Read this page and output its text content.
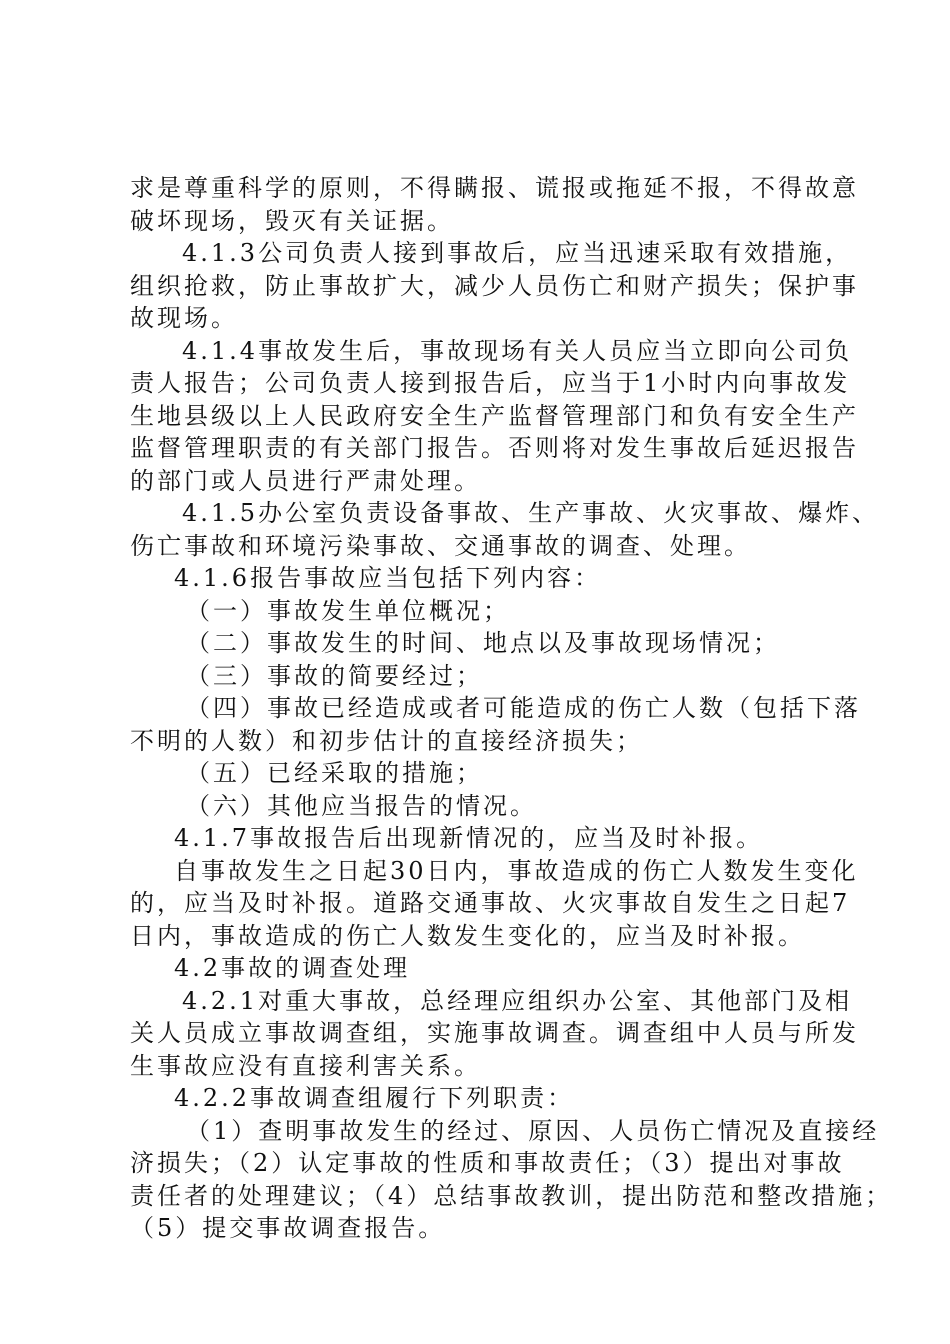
求是尊重科学的原则，不得瞒报、谎报或拖延不报，不得故意
破坏现场，毁灭有关证据。
4.1.3公司负责人接到事故后，应当迅速采取有效措施，
组织抢救，防止事故扩大，减少人员伤亡和财产损失；保护事
故现场。
4.1.4事故发生后，事故现场有关人员应当立即向公司负
责人报告；公司负责人接到报告后，应当于1小时内向事故发
生地县级以上人民政府安全生产监督管理部门和负有安全生产
监督管理职责的有关部门报告。否则将对发生事故后延迟报告
的部门或人员进行严肃处理。
4.1.5办公室负责设备事故、生产事故、火灾事故、爆炸、
伤亡事故和环境污染事故、交通事故的调查、处理。
4.1.6报告事故应当包括下列内容：
（一）事故发生单位概况；
（二）事故发生的时间、地点以及事故现场情况；
（三）事故的简要经过；
（四）事故已经造成或者可能造成的伤亡人数（包括下落
不明的人数）和初步估计的直接经济损失；
（五）已经采取的措施；
（六）其他应当报告的情况。
4.1.7事故报告后出现新情况的，应当及时补报。
自事故发生之日起30日内，事故造成的伤亡人数发生变化
的，应当及时补报。道路交通事故、火灾事故自发生之日起7
日内，事故造成的伤亡人数发生变化的，应当及时补报。
4.2事故的调查处理
4.2.1对重大事故，总经理应组织办公室、其他部门及相
关人员成立事故调查组，实施事故调查。调查组中人员与所发
生事故应没有直接利害关系。
4.2.2事故调查组履行下列职责：
（1）查明事故发生的经过、原因、人员伤亡情况及直接经
济损失；（2）认定事故的性质和事故责任；（3）提出对事故
责任者的处理建议；（4）总结事故教训，提出防范和整改措施；
（5）提交事故调查报告。
